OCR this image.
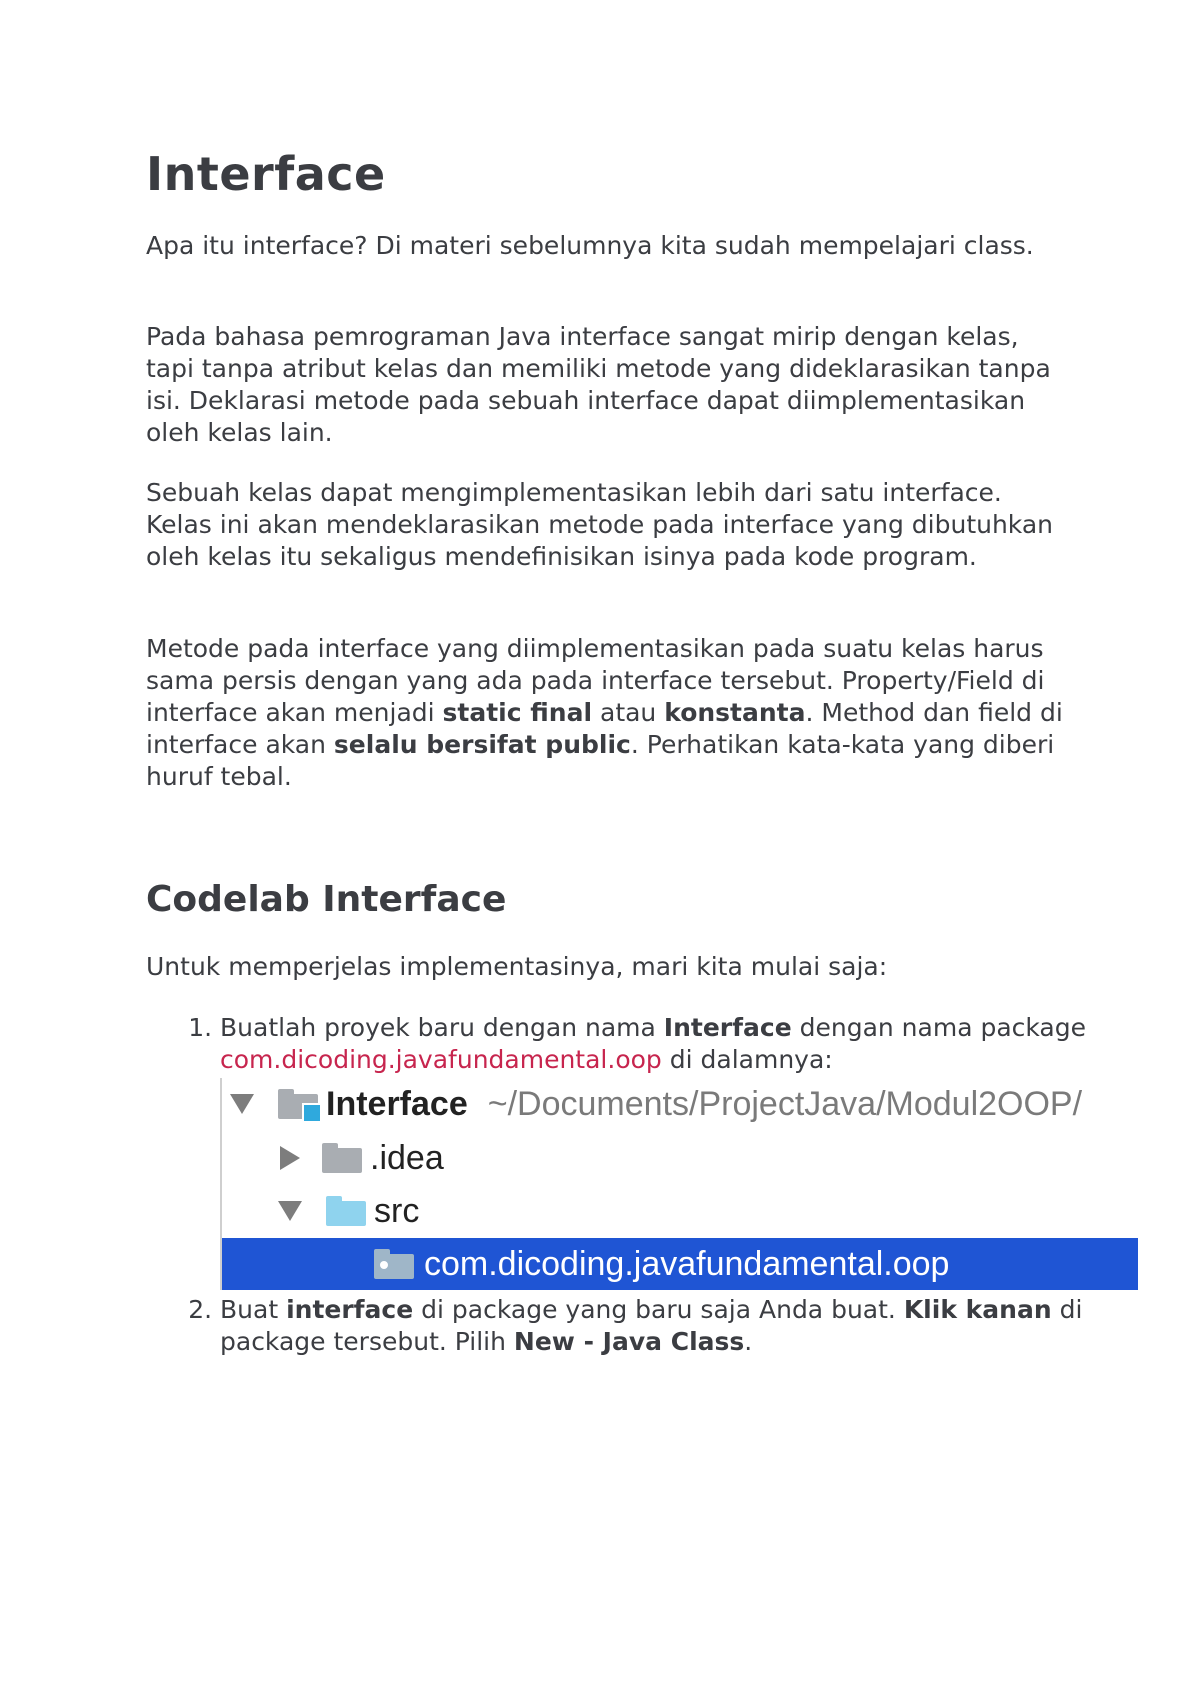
Interface

Apa itu interface? Di materi sebelumnya kita sudah mempelajari class.

Pada bahasa pemrograman Java interface sangat mirip dengan kelas, tapi tanpa atribut kelas dan memiliki metode yang dideklarasikan tanpa isi. Deklarasi metode pada sebuah interface dapat diimplementasikan oleh kelas lain.

Sebuah kelas dapat mengimplementasikan lebih dari satu interface. Kelas ini akan mendeklarasikan metode pada interface yang dibutuhkan oleh kelas itu sekaligus mendefinisikan isinya pada kode program.

Metode pada interface yang diimplementasikan pada suatu kelas harus sama persis dengan yang ada pada interface tersebut. Property/Field di interface akan menjadi static final atau konstanta. Method dan field di interface akan selalu bersifat public. Perhatikan kata-kata yang diberi huruf tebal.

Codelab Interface

Untuk memperjelas implementasinya, mari kita mulai saja:

1. Buatlah proyek baru dengan nama Interface dengan nama package com.dicoding.javafundamental.oop di dalamnya:
Interface ~/Documents/ProjectJava/Modul2OOP/
.idea
src
com.dicoding.javafundamental.oop
2. Buat interface di package yang baru saja Anda buat. Klik kanan di package tersebut. Pilih New - Java Class.
